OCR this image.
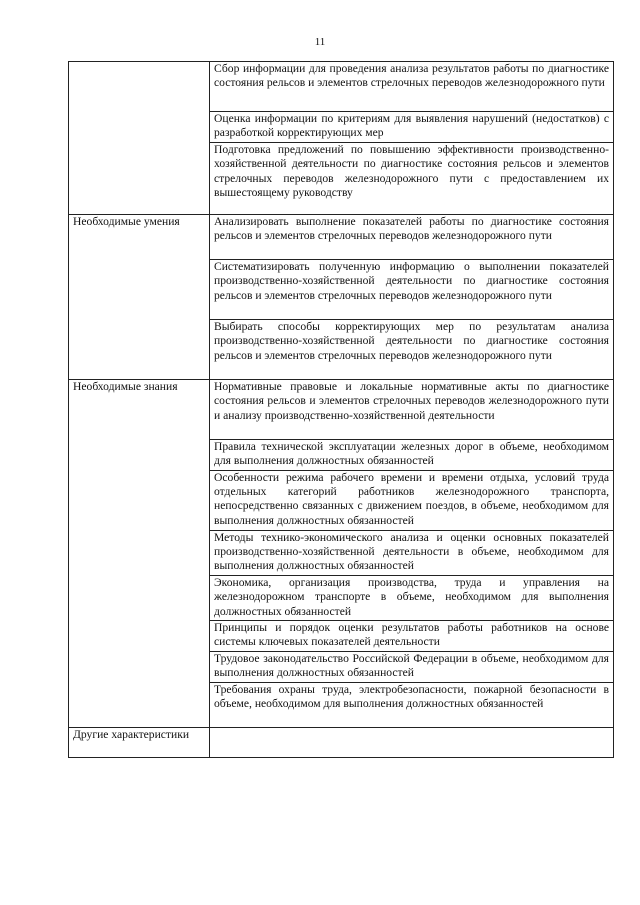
11

	Сбор информации для проведения анализа результатов работы по диагностике состояния рельсов и элементов стрелочных переводов железнодорожного пути

	Оценка информации по критериям для выявления нарушений (недостатков) с разработкой корректирующих мер

	Подготовка предложений по повышению эффективности производственно-хозяйственной деятельности по диагностике состояния рельсов и элементов стрелочных переводов железнодорожного пути с предоставлением их вышестоящему руководству

Необходимые умения	Анализировать выполнение показателей работы по диагностике состояния рельсов и элементов стрелочных переводов железнодорожного пути

	Систематизировать полученную информацию о выполнении показателей производственно-хозяйственной деятельности по диагностике состояния рельсов и элементов стрелочных переводов железнодорожного пути

	Выбирать способы корректирующих мер по результатам анализа производственно-хозяйственной деятельности по диагностике состояния рельсов и элементов стрелочных переводов железнодорожного пути

Необходимые знания	Нормативные правовые и локальные нормативные акты по диагностике состояния рельсов и элементов стрелочных переводов железнодорожного пути и анализу производственно-хозяйственной деятельности

	Правила технической эксплуатации железных дорог в объеме, необходимом для выполнения должностных обязанностей

	Особенности режима рабочего времени и времени отдыха, условий труда отдельных категорий работников железнодорожного транспорта, непосредственно связанных с движением поездов, в объеме, необходимом для выполнения должностных обязанностей

	Методы технико-экономического анализа и оценки основных показателей производственно-хозяйственной деятельности в объеме, необходимом для выполнения должностных обязанностей

	Экономика, организация производства, труда и управления на железнодорожном транспорте в объеме, необходимом для выполнения должностных обязанностей

	Принципы и порядок оценки результатов работы работников на основе системы ключевых показателей деятельности

	Трудовое законодательство Российской Федерации в объеме, необходимом для выполнения должностных обязанностей

	Требования охраны труда, электробезопасности, пожарной безопасности в объеме, необходимом для выполнения должностных обязанностей

Другие характеристики	
